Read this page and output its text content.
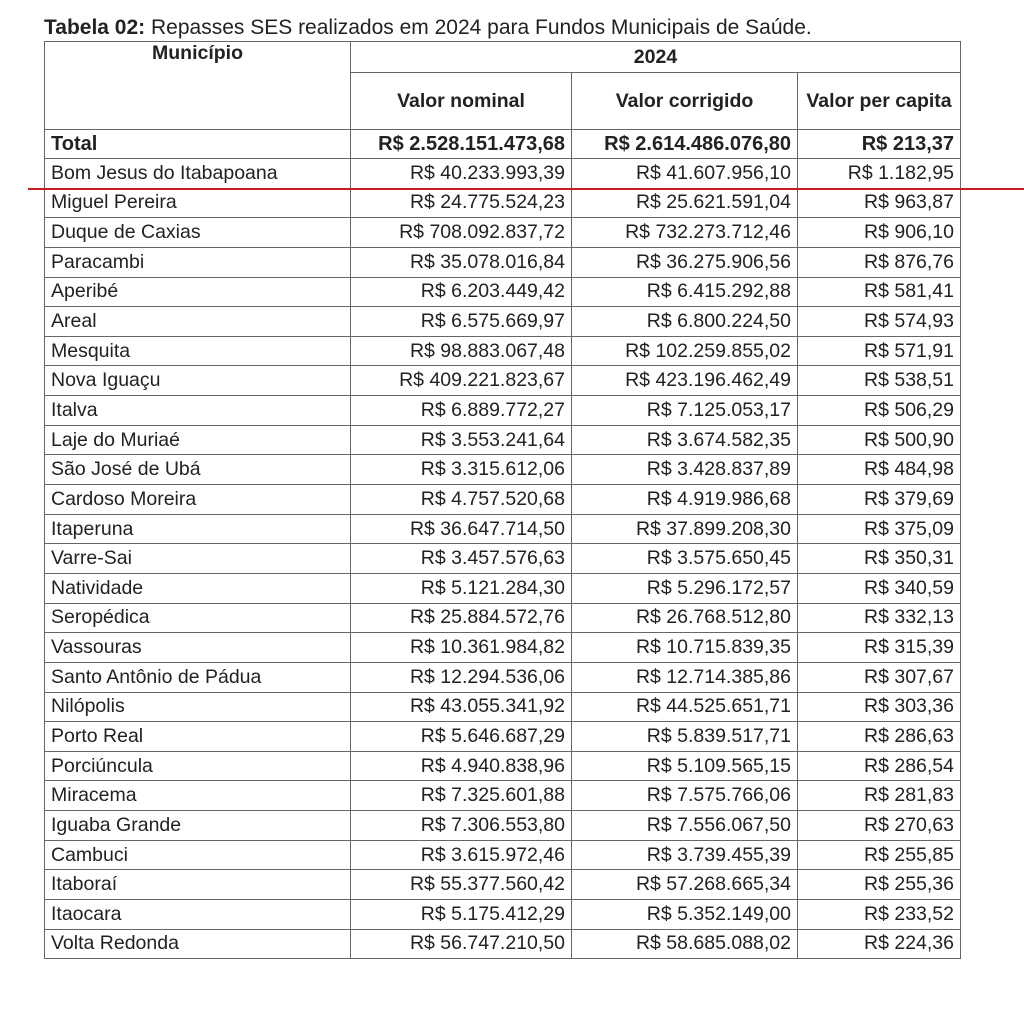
Tabela 02: Repasses SES realizados em 2024 para Fundos Municipais de Saúde.
Município	2024		
	Valor nominal	Valor corrigido	Valor per capita
Total	R$ 2.528.151.473,68	R$ 2.614.486.076,80	R$ 213,37
Bom Jesus do Itabapoana	R$ 40.233.993,39	R$ 41.607.956,10	R$ 1.182,95
Miguel Pereira	R$ 24.775.524,23	R$ 25.621.591,04	R$ 963,87
Duque de Caxias	R$ 708.092.837,72	R$ 732.273.712,46	R$ 906,10
Paracambi	R$ 35.078.016,84	R$ 36.275.906,56	R$ 876,76
Aperibé	R$ 6.203.449,42	R$ 6.415.292,88	R$ 581,41
Areal	R$ 6.575.669,97	R$ 6.800.224,50	R$ 574,93
Mesquita	R$ 98.883.067,48	R$ 102.259.855,02	R$ 571,91
Nova Iguaçu	R$ 409.221.823,67	R$ 423.196.462,49	R$ 538,51
Italva	R$ 6.889.772,27	R$ 7.125.053,17	R$ 506,29
Laje do Muriaé	R$ 3.553.241,64	R$ 3.674.582,35	R$ 500,90
São José de Ubá	R$ 3.315.612,06	R$ 3.428.837,89	R$ 484,98
Cardoso Moreira	R$ 4.757.520,68	R$ 4.919.986,68	R$ 379,69
Itaperuna	R$ 36.647.714,50	R$ 37.899.208,30	R$ 375,09
Varre-Sai	R$ 3.457.576,63	R$ 3.575.650,45	R$ 350,31
Natividade	R$ 5.121.284,30	R$ 5.296.172,57	R$ 340,59
Seropédica	R$ 25.884.572,76	R$ 26.768.512,80	R$ 332,13
Vassouras	R$ 10.361.984,82	R$ 10.715.839,35	R$ 315,39
Santo Antônio de Pádua	R$ 12.294.536,06	R$ 12.714.385,86	R$ 307,67
Nilópolis	R$ 43.055.341,92	R$ 44.525.651,71	R$ 303,36
Porto Real	R$ 5.646.687,29	R$ 5.839.517,71	R$ 286,63
Porciúncula	R$ 4.940.838,96	R$ 5.109.565,15	R$ 286,54
Miracema	R$ 7.325.601,88	R$ 7.575.766,06	R$ 281,83
Iguaba Grande	R$ 7.306.553,80	R$ 7.556.067,50	R$ 270,63
Cambuci	R$ 3.615.972,46	R$ 3.739.455,39	R$ 255,85
Itaboraí	R$ 55.377.560,42	R$ 57.268.665,34	R$ 255,36
Itaocara	R$ 5.175.412,29	R$ 5.352.149,00	R$ 233,52
Volta Redonda	R$ 56.747.210,50	R$ 58.685.088,02	R$ 224,36
